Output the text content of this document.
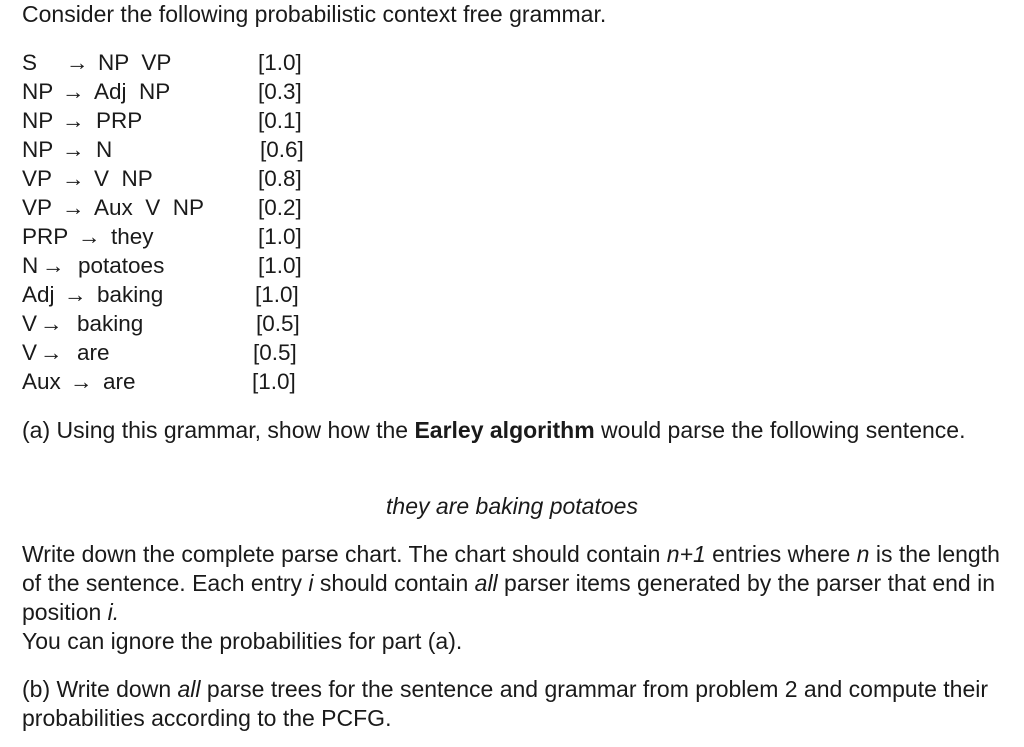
Consider the following probabilistic context free grammar.
S → NP  VP	[1.0]
NP → Adj  NP	[0.3]
NP → PRP	[0.1]
NP → N	[0.6]
VP → V  NP	[0.8]
VP → Aux  V  NP [0.2]
PRP → they	[1.0]
N → potatoes	[1.0]
Adj → baking	[1.0]
V → baking	[0.5]
V → are	[0.5]
Aux → are	[1.0]
(a) Using this grammar, show how the Earley algorithm would parse the following sentence.
they are baking potatoes
Write down the complete parse chart. The chart should contain n+1 entries where n is the length of the sentence. Each entry i should contain all parser items generated by the parser that end in position i.
You can ignore the probabilities for part (a).
(b) Write down all parse trees for the sentence and grammar from problem 2 and compute their probabilities according to the PCFG.
